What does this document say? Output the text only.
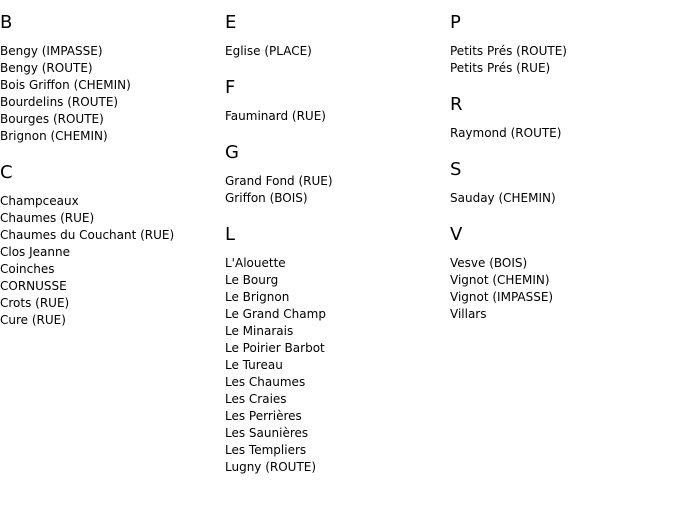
B
Bengy (IMPASSE)
Bengy (ROUTE)
Bois Griffon (CHEMIN)
Bourdelins (ROUTE)
Bourges (ROUTE)
Brignon (CHEMIN)
C
Champceaux
Chaumes (RUE)
Chaumes du Couchant (RUE)
Clos Jeanne
Coinches
CORNUSSE
Crots (RUE)
Cure (RUE)
E
Eglise (PLACE)
F
Fauminard (RUE)
G
Grand Fond (RUE)
Griffon (BOIS)
L
L'Alouette
Le Bourg
Le Brignon
Le Grand Champ
Le Minarais
Le Poirier Barbot
Le Tureau
Les Chaumes
Les Craies
Les Perrières
Les Saunières
Les Templiers
Lugny (ROUTE)
P
Petits Prés (ROUTE)
Petits Prés (RUE)
R
Raymond (ROUTE)
S
Sauday (CHEMIN)
V
Vesve (BOIS)
Vignot (CHEMIN)
Vignot (IMPASSE)
Villars
